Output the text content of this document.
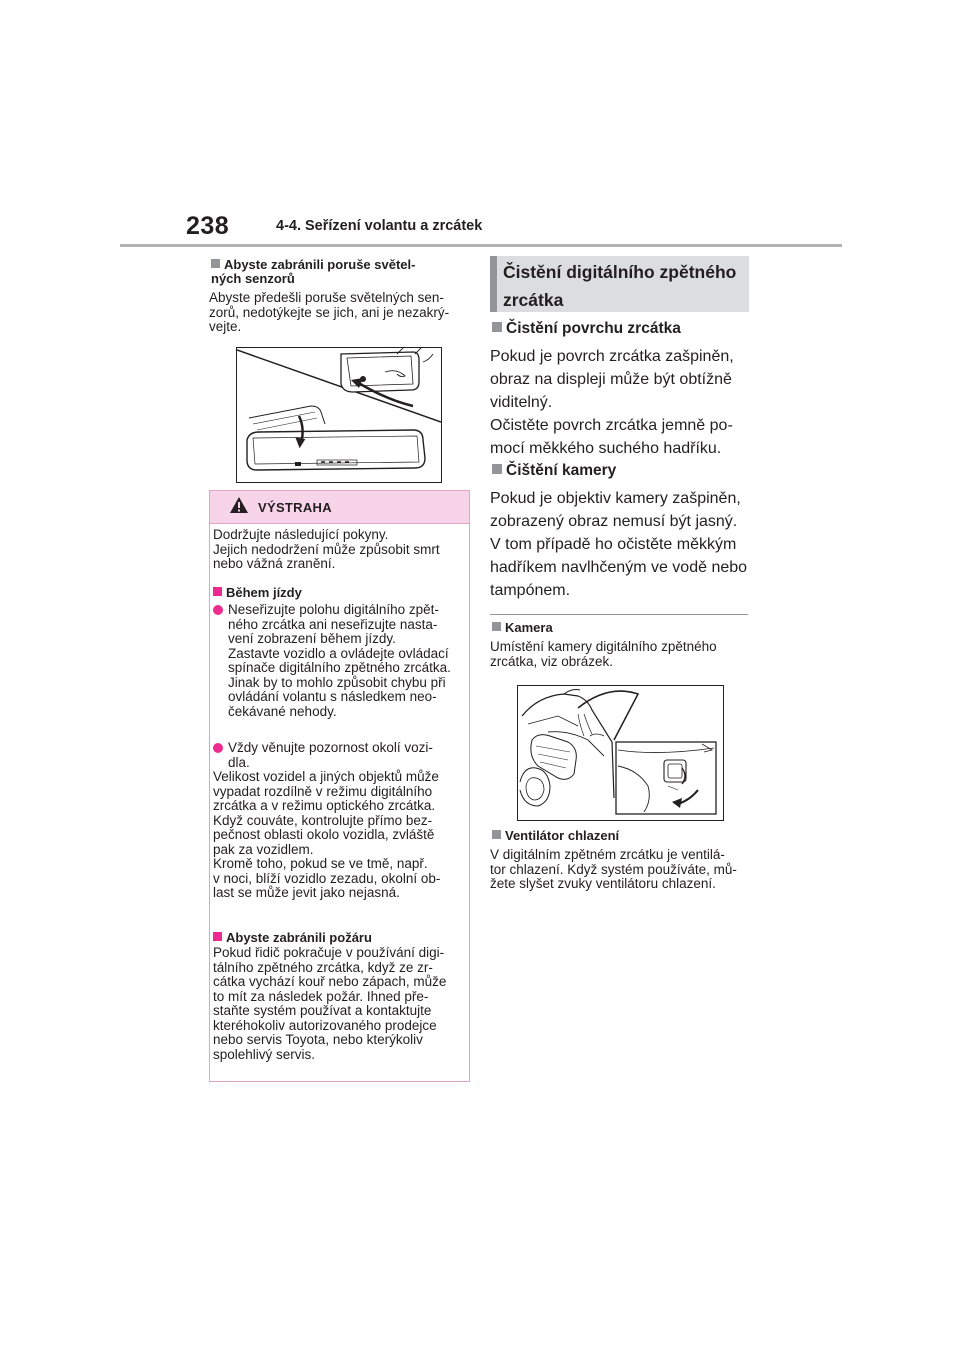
238	4-4. Seřízení volantu a zrcátek
Abyste zabránili poruše světel-
ných senzorů
Abyste předešli poruše světelných sen-
zorů, nedotýkejte se jich, ani je nezakrý-
vejte.
VÝSTRAHA
Dodržujte následující pokyny.
Jejich nedodržení může způsobit smrt
nebo vážná zranění.
Během jízdy
Neseřizujte polohu digitálního zpět-
ného zrcátka ani neseřizujte nasta-
vení zobrazení během jízdy.
Zastavte vozidlo a ovládejte ovládací
spínače digitálního zpětného zrcátka.
Jinak by to mohlo způsobit chybu při
ovládání volantu s následkem neo-
čekávané nehody.
Vždy věnujte pozornost okolí vozi-
dla.
Velikost vozidel a jiných objektů může
vypadat rozdílně v režimu digitálního
zrcátka a v režimu optického zrcátka.
Když couváte, kontrolujte přímo bez-
pečnost oblasti okolo vozidla, zvláště
pak za vozidlem.
Kromě toho, pokud se ve tmě, např.
v noci, blíží vozidlo zezadu, okolní ob-
last se může jevit jako nejasná.
Abyste zabránili požáru
Pokud řidič pokračuje v používání digi-
tálního zpětného zrcátka, když ze zr-
cátka vychází kouř nebo zápach, může
to mít za následek požár. Ihned pře-
staňte systém používat a kontaktujte
kteréhokoliv autorizovaného prodejce
nebo servis Toyota, nebo kterýkoliv
spolehlivý servis.
Čistění digitálního zpětného
zrcátka
Čistění povrchu zrcátka
Pokud je povrch zrcátka zašpiněn,
obraz na displeji může být obtížně
viditelný.
Očistěte povrch zrcátka jemně po-
mocí měkkého suchého hadříku.
Čištění kamery
Pokud je objektiv kamery zašpiněn,
zobrazený obraz nemusí být jasný.
V tom případě ho očistěte měkkým
hadříkem navlhčeným ve vodě nebo
tampónem.
Kamera
Umístění kamery digitálního zpětného
zrcátka, viz obrázek.
Ventilátor chlazení
V digitálním zpětném zrcátku je ventilá-
tor chlazení. Když systém používáte, mů-
žete slyšet zvuky ventilátoru chlazení.
